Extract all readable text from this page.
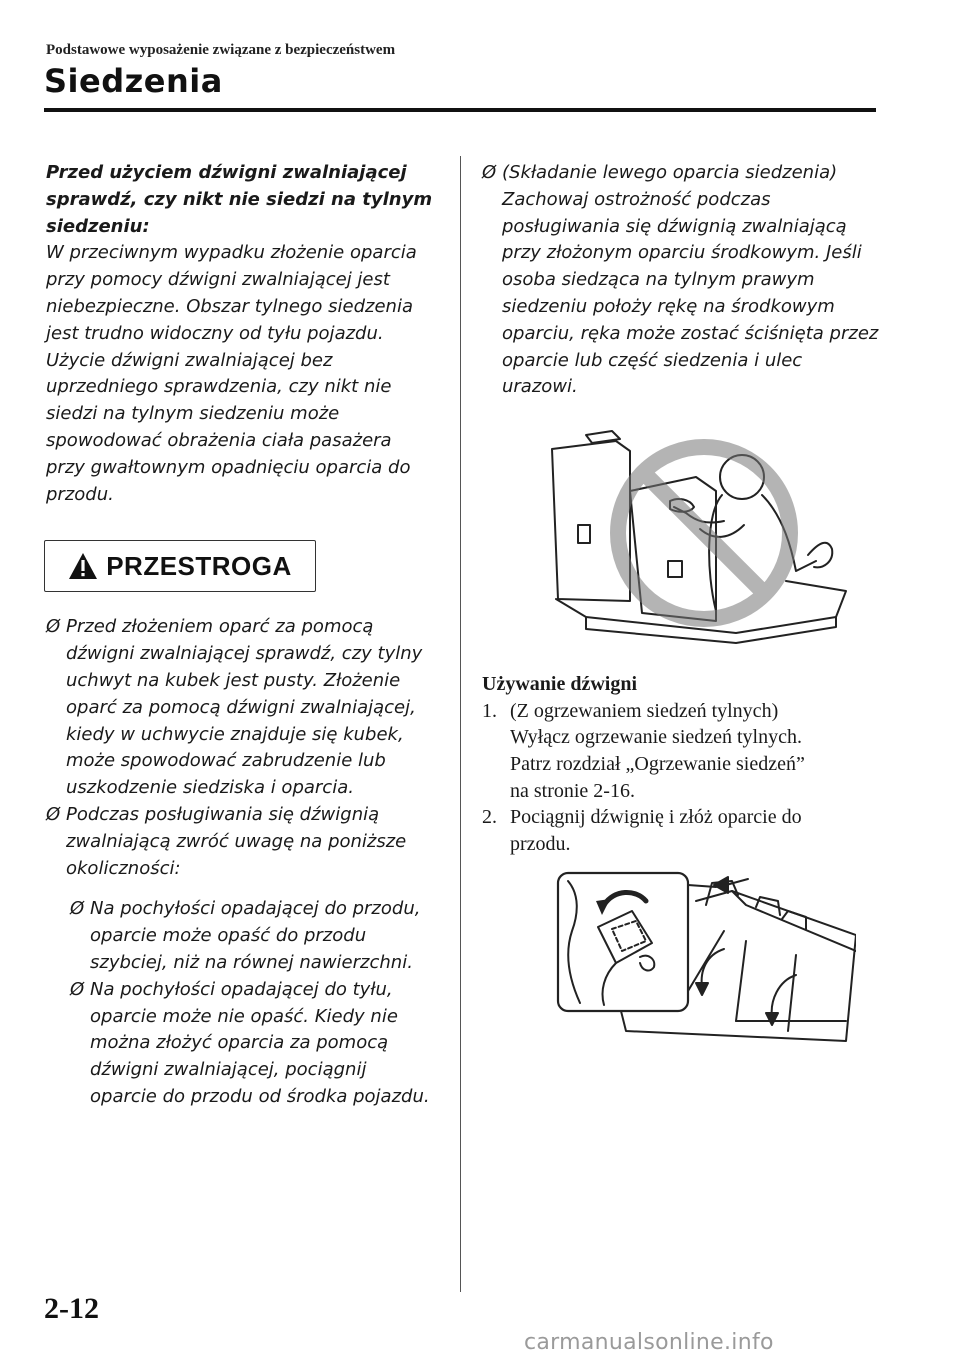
Podstawowe wyposażenie związane z bezpieczeństwem
Siedzenia
Przed użyciem dźwigni zwalniającej
sprawdź, czy nikt nie siedzi na tylnym
siedzeniu:
W przeciwnym wypadku złożenie oparcia
przy pomocy dźwigni zwalniającej jest
niebezpieczne. Obszar tylnego siedzenia
jest trudno widoczny od tyłu pojazdu.
Użycie dźwigni zwalniającej bez
uprzedniego sprawdzenia, czy nikt nie
siedzi na tylnym siedzeniu może
spowodować obrażenia ciała pasażera
przy gwałtownym opadnięciu oparcia do
przodu.
PRZESTROGA
Ø Przed złożeniem oparć za pomocą
dźwigni zwalniającej sprawdź, czy tylny
uchwyt na kubek jest pusty. Złożenie
oparć za pomocą dźwigni zwalniającej,
kiedy w uchwycie znajduje się kubek,
może spowodować zabrudzenie lub
uszkodzenie siedziska i oparcia.
Ø Podczas posługiwania się dźwignią
zwalniającą zwróć uwagę na poniższe
okoliczności:
Ø Na pochyłości opadającej do przodu,
oparcie może opaść do przodu
szybciej, niż na równej nawierzchni.
Ø Na pochyłości opadającej do tyłu,
oparcie może nie opaść. Kiedy nie
można złożyć oparcia za pomocą
dźwigni zwalniającej, pociągnij
oparcie do przodu od środka pojazdu.
Ø (Składanie lewego oparcia siedzenia)
Zachowaj ostrożność podczas
posługiwania się dźwignią zwalniającą
przy złożonym oparciu środkowym. Jeśli
osoba siedząca na tylnym prawym
siedzeniu położy rękę na środkowym
oparciu, ręka może zostać ściśnięta przez
oparcie lub część siedzenia i ulec
urazowi.
Używanie dźwigni
1. (Z ogrzewaniem siedzeń tylnych)
Wyłącz ogrzewanie siedzeń tylnych.
Patrz rozdział „Ogrzewanie siedzeń”
na stronie 2-16.
2. Pociągnij dźwignię i złóż oparcie do
przodu.
2-12
carmanualsonline.info
